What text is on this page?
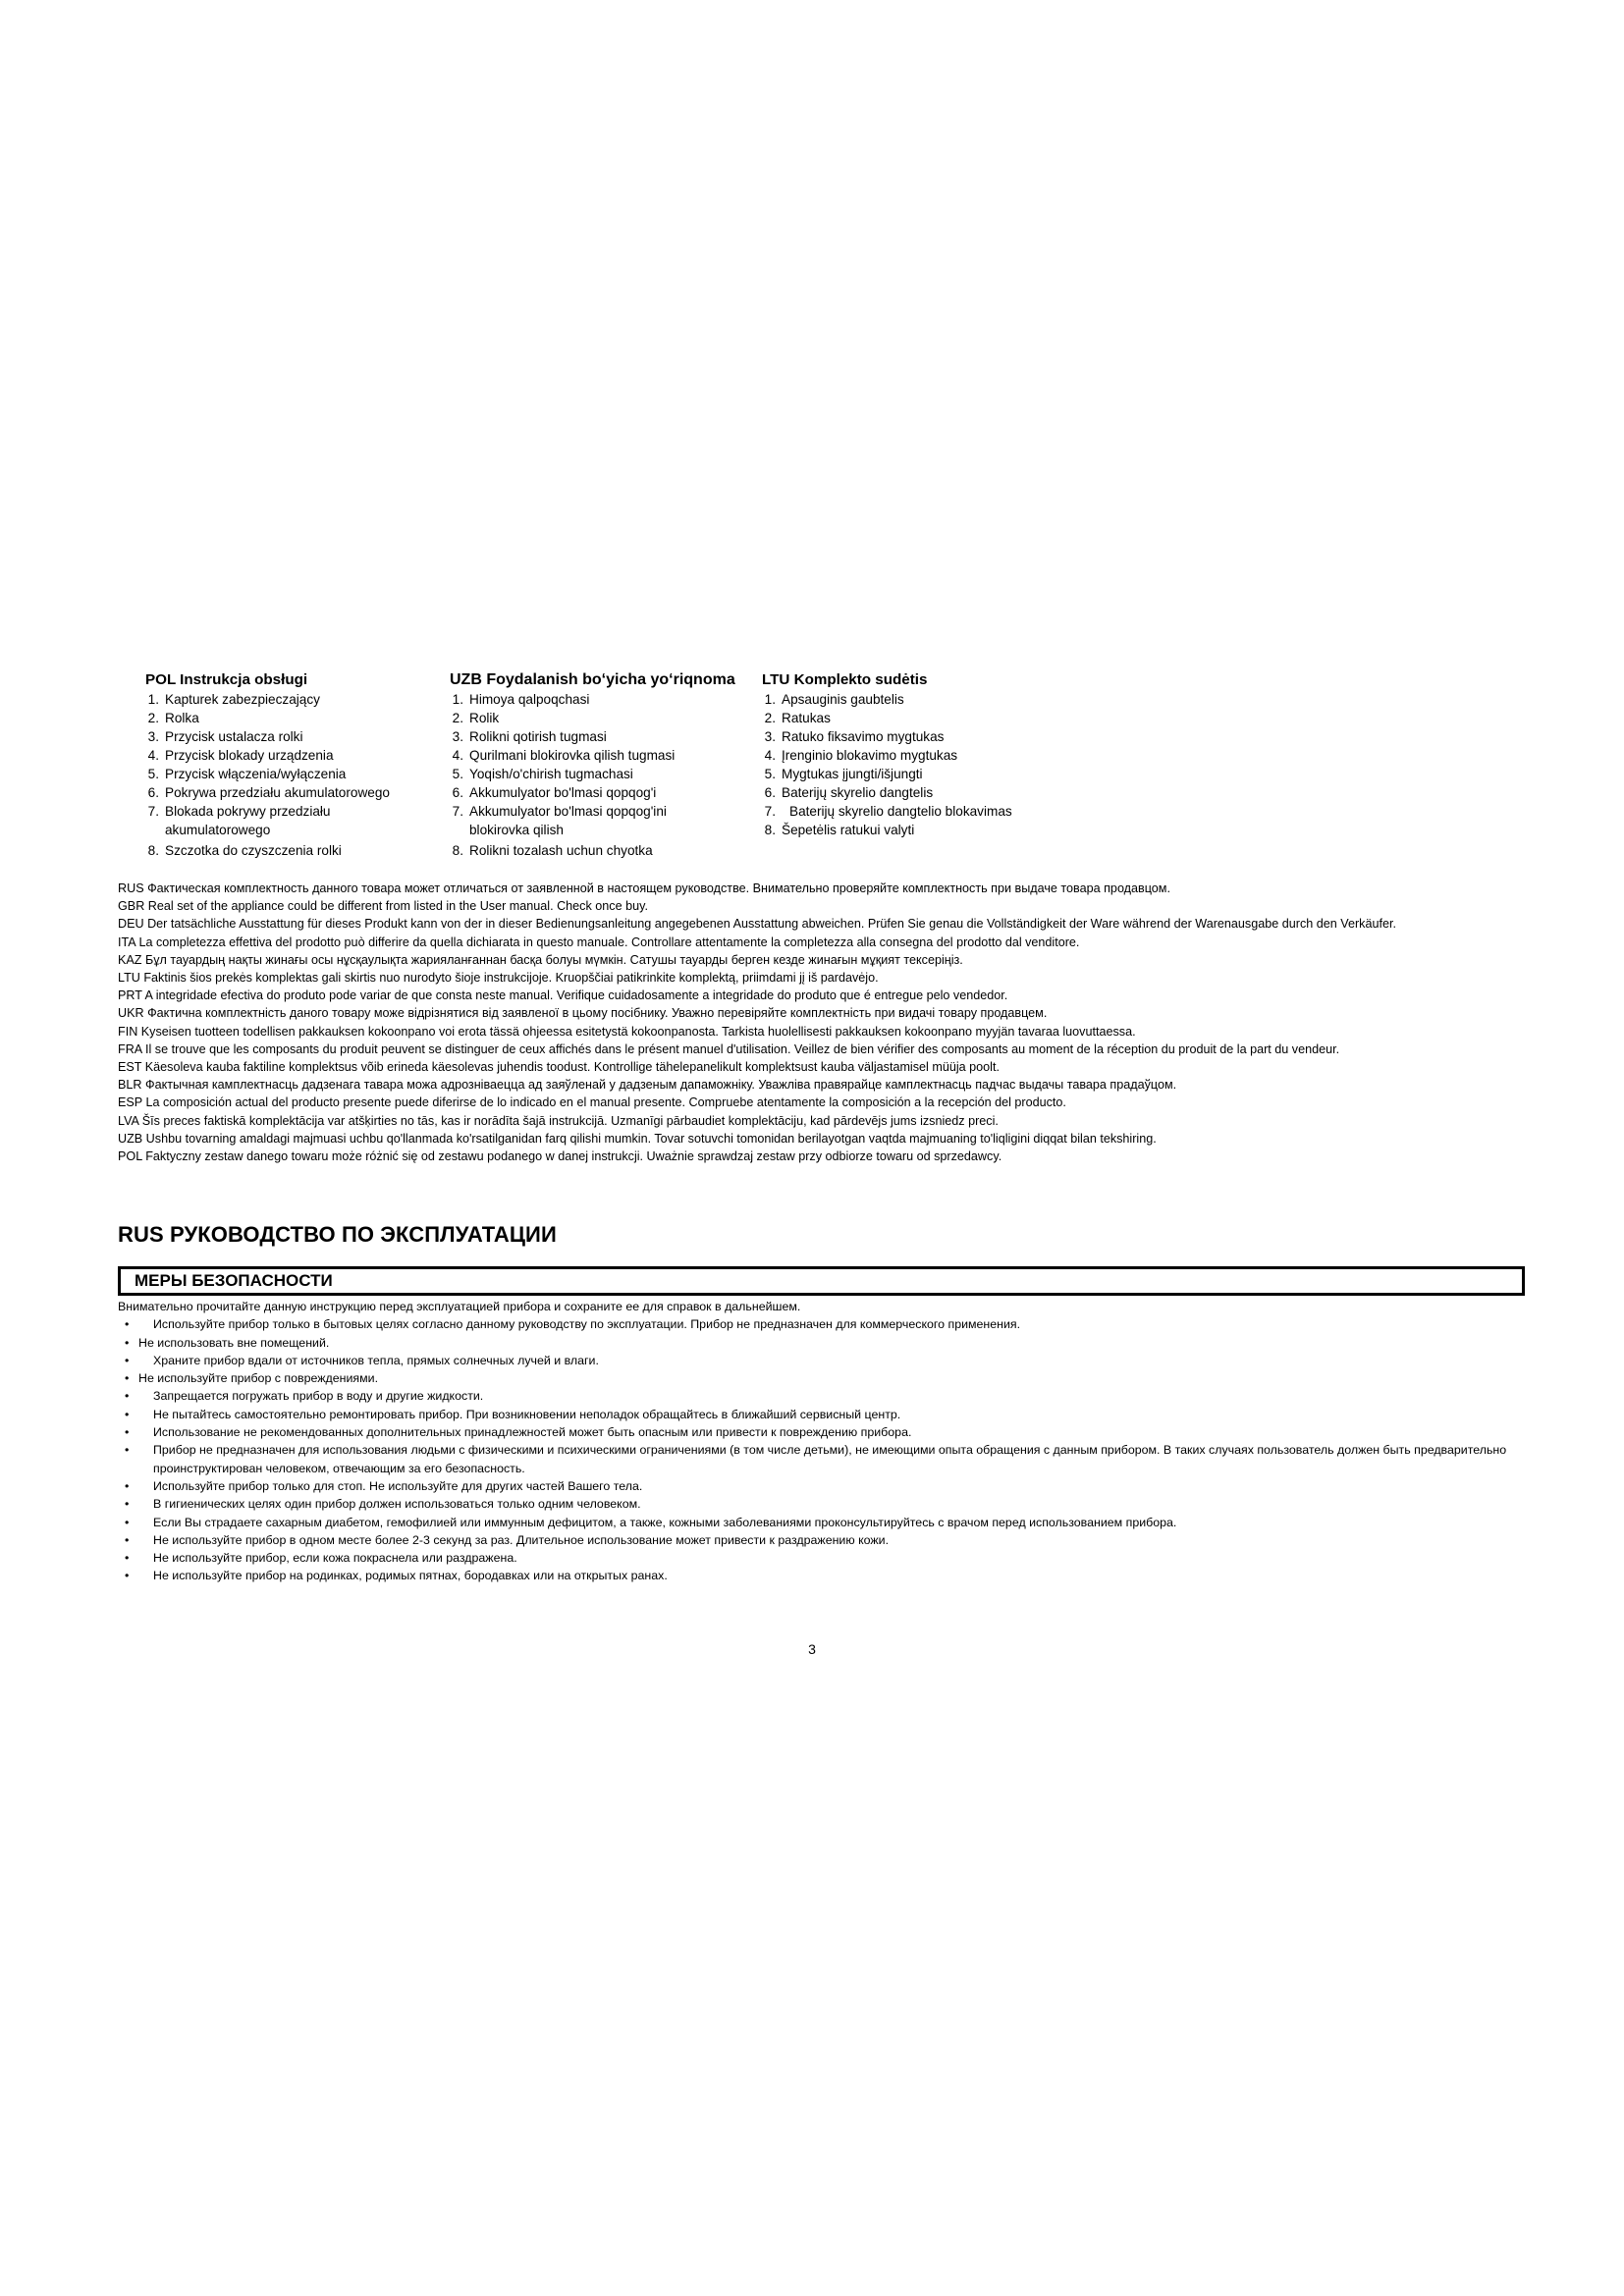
POL Instrukcja obsługi
1. Kapturek zabezpieczający
2. Rolka
3. Przycisk ustalacza rolki
4. Przycisk blokady urządzenia
5. Przycisk włączenia/wyłączenia
6. Pokrywa przedziału akumulatorowego
7. Blokada pokrywy przedziału akumulatorowego
8. Szczotka do czyszczenia rolki
UZB Foydalanish bo‘yicha yo‘riqnoma
1. Himoya qalpoqchasi
2. Rolik
3. Rolikni qotirish tugmasi
4. Qurilmani blokirovka qilish tugmasi
5. Yoqish/o'chirish tugmachasi
6. Akkumulyator bo'lmasi qopqog'i
7. Akkumulyator bo'lmasi qopqog'ini blokirovka qilish
8. Rolikni tozalash uchun chyotka
LTU Komplekto sudėtis
1. Apsauginis gaubtelis
2. Ratukas
3. Ratuko fiksavimo mygtukas
4. Įrenginio blokavimo mygtukas
5. Mygtukas įjungti/išjungti
6. Baterijų skyrelio dangtelis
7.	Baterijų skyrelio dangtelio blokavimas
8. Šepetėlis ratukui valyti

RUS Фактическая комплектность данного товара может отличаться от заявленной в настоящем руководстве. Внимательно проверяйте комплектность при выдаче товара продавцом.

GBR Real set of the appliance could be different from listed in the User manual. Check once buy.

DEU Der tatsächliche Ausstattung für dieses Produkt kann von der in dieser Bedienungsanleitung angegebenen Ausstattung abweichen. Prüfen Sie genau die Vollständigkeit der Ware während der Warenausgabe durch den Verkäufer.

ITA La completezza effettiva del prodotto può differire da quella dichiarata in questo manuale. Controllare attentamente la completezza alla consegna del prodotto dal venditore.

KAZ Бұл тауардың нақты жинағы осы нұсқаулықта жарияланғаннан басқа болуы мүмкін. Сатушы тауарды берген кезде жинағын мұқият тексеріңіз.

LTU Faktinis šios prekės komplektas gali skirtis nuo nurodyto šioje instrukcijoje. Kruopščiai patikrinkite komplektą, priimdami jį iš pardavėjo.

PRT A integridade efectiva do produto pode variar de que consta neste manual. Verifique cuidadosamente a integridade do produto que é entregue pelo vendedor.

UKR Фактична комплектність даного товару може відрізнятися від заявленої в цьому посібнику. Уважно перевіряйте комплектність при видачі товару продавцем.

FIN Kyseisen tuotteen todellisen pakkauksen kokoonpano voi erota tässä ohjeessa esitetystä kokoonpanosta. Tarkista huolellisesti pakkauksen kokoonpano myyjän tavaraa luovuttaessa.

FRA Il se trouve que les composants du produit peuvent se distinguer de ceux affichés dans le présent manuel d'utilisation. Veillez de bien vérifier des composants au moment de la réception du produit de la part du vendeur.

EST Käesoleva kauba faktiline komplektsus võib erineda käesolevas juhendis toodust. Kontrollige tähelepanelikult komplektsust kauba väljastamisel müüja poolt.

BLR Фактычная камплектнасць дадзенага тавара можа адрозніваецца ад заяўленай у дадзеным дапаможніку. Уважліва правярайце камплектнасць падчас выдачы тавара прадаўцом.

ESP La composición actual del producto presente puede diferirse de lo indicado en el manual presente. Compruebe atentamente la composición a la recepción del producto.

LVA Šīs preces faktiskā komplektācija var atšķirties no tās, kas ir norādīta šajā instrukcijā. Uzmanīgi pārbaudiet komplektāciju, kad pārdevējs jums izsniedz preci.

UZB Ushbu tovarning amaldagi majmuasi uchbu qo'llanmada ko'rsatilganidan farq qilishi mumkin. Tovar sotuvchi tomonidan berilayotgan vaqtda majmuaning to'liqligini diqqat bilan tekshiring.

POL Faktyczny zestaw danego towaru może różnić się od zestawu podanego w danej instrukcji. Uważnie sprawdzaj zestaw przy odbiorze towaru od sprzedawcy.

RUS РУКОВОДСТВО ПО ЭКСПЛУАТАЦИИ
МЕРЫ БЕЗОПАСНОСТИ

Внимательно прочитайте данную инструкцию перед эксплуатацией прибора и сохраните ее для справок в дальнейшем.

• Используйте прибор только в бытовых целях согласно данному руководству по эксплуатации. Прибор не предназначен для коммерческого применения.
• Не использовать вне помещений.
• Храните прибор вдали от источников тепла, прямых солнечных лучей и влаги.
• Не используйте прибор с повреждениями.
• Запрещается погружать прибор в воду и другие жидкости.
• Не пытайтесь самостоятельно ремонтировать прибор. При возникновении неполадок обращайтесь в ближайший сервисный центр.
• Использование не рекомендованных дополнительных принадлежностей может быть опасным или привести к повреждению прибора.
• Прибор не предназначен для использования людьми с физическими и психическими ограничениями (в том числе детьми), не имеющими опыта обращения с данным прибором. В таких случаях пользователь должен быть предварительно проинструктирован человеком, отвечающим за его безопасность.
• Используйте прибор только для стоп. Не используйте для других частей Вашего тела.
• В гигиенических целях один прибор должен использоваться только одним человеком.
• Если Вы страдаете сахарным диабетом, гемофилией или иммунным дефицитом, а также, кожными заболеваниями проконсультируйтесь с врачом перед использованием прибора.
• Не используйте прибор в одном месте более 2-3 секунд за раз. Длительное использование может привести к раздражению кожи.
• Не используйте прибор, если кожа покраснела или раздражена.
• Не используйте прибор на родинках, родимых пятнах, бородавках или на открытых ранах.
3
